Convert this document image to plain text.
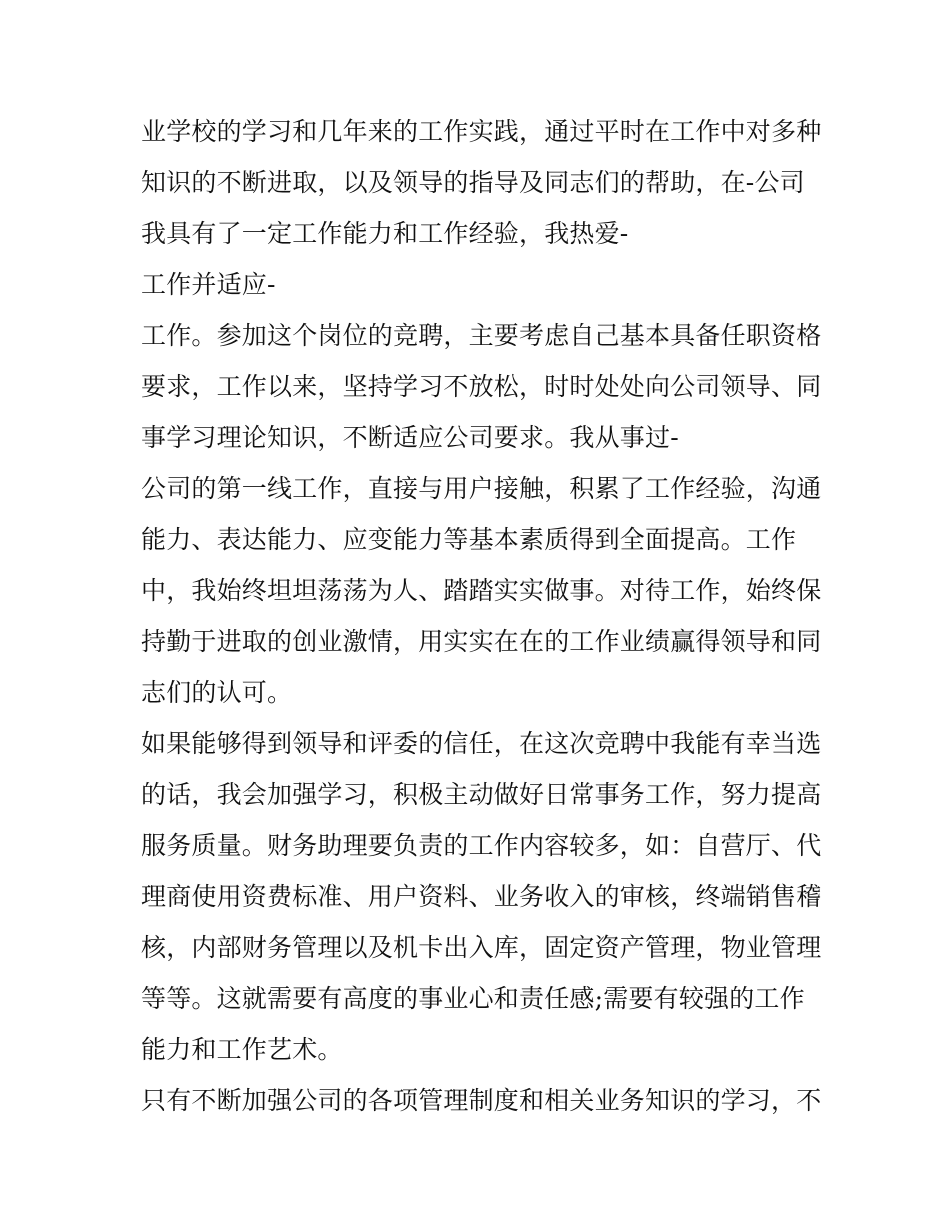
业学校的学习和几年来的工作实践，通过平时在工作中对多种
知识的不断进取，以及领导的指导及同志们的帮助，在-公司
我具有了一定工作能力和工作经验，我热爱-
工作并适应-
工作。参加这个岗位的竞聘，主要考虑自己基本具备任职资格
要求，工作以来，坚持学习不放松，时时处处向公司领导、同
事学习理论知识，不断适应公司要求。我从事过-
公司的第一线工作，直接与用户接触，积累了工作经验，沟通
能力、表达能力、应变能力等基本素质得到全面提高。工作
中，我始终坦坦荡荡为人、踏踏实实做事。对待工作，始终保
持勤于进取的创业激情，用实实在在的工作业绩赢得领导和同
志们的认可。
如果能够得到领导和评委的信任，在这次竞聘中我能有幸当选
的话，我会加强学习，积极主动做好日常事务工作，努力提高
服务质量。财务助理要负责的工作内容较多，如：自营厅、代
理商使用资费标准、用户资料、业务收入的审核，终端销售稽
核，内部财务管理以及机卡出入库，固定资产管理，物业管理
等等。这就需要有高度的事业心和责任感;需要有较强的工作
能力和工作艺术。
只有不断加强公司的各项管理制度和相关业务知识的学习，不
